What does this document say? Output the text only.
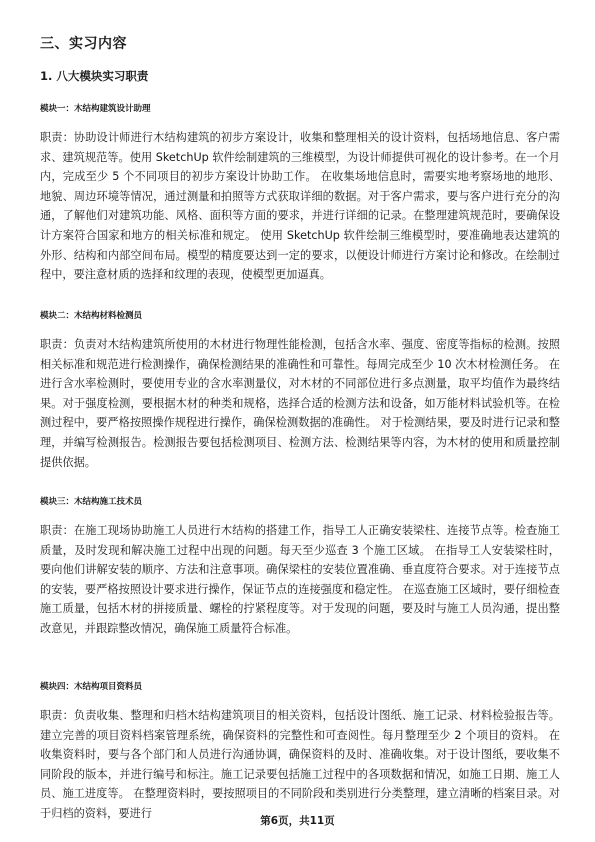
三、实习内容
1. 八大模块实习职责
模块一：木结构建筑设计助理

职责：协助设计师进行木结构建筑的初步方案设计，收集和整理相关的设计资料，包括场地信息、客户需求、建筑规范等。使用 SketchUp 软件绘制建筑的三维模型，为设计师提供可视化的设计参考。在一个月内，完成至少 5 个不同项目的初步方案设计协助工作。 在收集场地信息时，需要实地考察场地的地形、地貌、周边环境等情况，通过测量和拍照等方式获取详细的数据。对于客户需求，要与客户进行充分的沟通，了解他们对建筑功能、风格、面积等方面的要求，并进行详细的记录。在整理建筑规范时，要确保设计方案符合国家和地方的相关标准和规定。 使用 SketchUp 软件绘制三维模型时，要准确地表达建筑的外形、结构和内部空间布局。模型的精度要达到一定的要求，以便设计师进行方案讨论和修改。在绘制过程中，要注意材质的选择和纹理的表现，使模型更加逼真。

模块二：木结构材料检测员

职责：负责对木结构建筑所使用的木材进行物理性能检测，包括含水率、强度、密度等指标的检测。按照相关标准和规范进行检测操作，确保检测结果的准确性和可靠性。每周完成至少 10 次木材检测任务。 在进行含水率检测时，要使用专业的含水率测量仪，对木材的不同部位进行多点测量，取平均值作为最终结果。对于强度检测，要根据木材的种类和规格，选择合适的检测方法和设备，如万能材料试验机等。在检测过程中，要严格按照操作规程进行操作，确保检测数据的准确性。 对于检测结果，要及时进行记录和整理，并编写检测报告。检测报告要包括检测项目、检测方法、检测结果等内容，为木材的使用和质量控制提供依据。

模块三：木结构施工技术员

职责：在施工现场协助施工人员进行木结构的搭建工作，指导工人正确安装梁柱、连接节点等。检查施工质量，及时发现和解决施工过程中出现的问题。每天至少巡查 3 个施工区域。 在指导工人安装梁柱时，要向他们讲解安装的顺序、方法和注意事项。确保梁柱的安装位置准确、垂直度符合要求。对于连接节点的安装，要严格按照设计要求进行操作，保证节点的连接强度和稳定性。 在巡查施工区域时，要仔细检查施工质量，包括木材的拼接质量、螺栓的拧紧程度等。对于发现的问题，要及时与施工人员沟通，提出整改意见，并跟踪整改情况，确保施工质量符合标准。

模块四：木结构项目资料员

职责：负责收集、整理和归档木结构建筑项目的相关资料，包括设计图纸、施工记录、材料检验报告等。建立完善的项目资料档案管理系统，确保资料的完整性和可查阅性。每月整理至少 2 个项目的资料。 在收集资料时，要与各个部门和人员进行沟通协调，确保资料的及时、准确收集。对于设计图纸，要收集不同阶段的版本，并进行编号和标注。施工记录要包括施工过程中的各项数据和情况，如施工日期、施工人员、施工进度等。 在整理资料时，要按照项目的不同阶段和类别进行分类整理，建立清晰的档案目录。对于归档的资料，要进行

第6页，共11页
